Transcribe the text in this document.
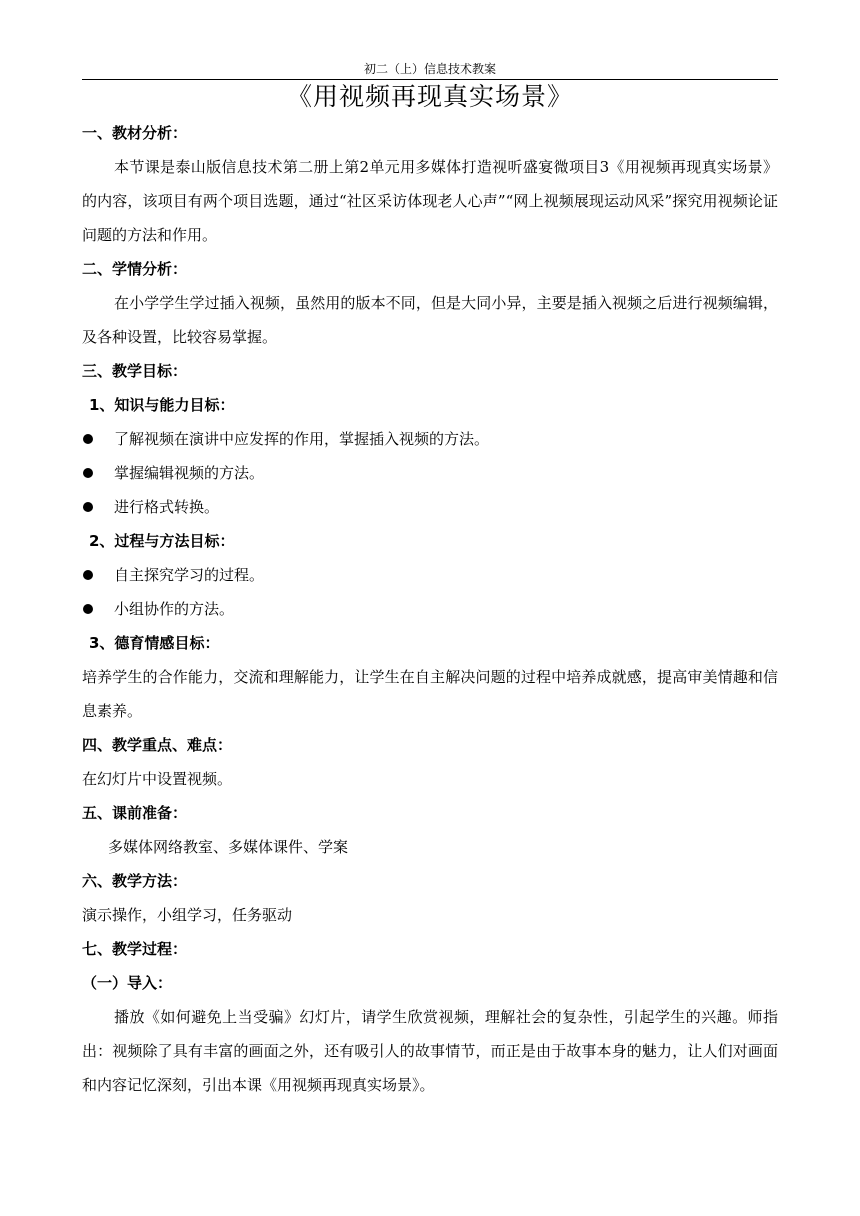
初二（上）信息技术教案
《用视频再现真实场景》
一、教材分析：

本节课是泰山版信息技术第二册上第2单元用多媒体打造视听盛宴微项目3《用视频再现真实场景》的内容，该项目有两个项目选题，通过“社区采访体现老人心声”“网上视频展现运动风采”探究用视频论证问题的方法和作用。

二、学情分析：

在小学学生学过插入视频，虽然用的版本不同，但是大同小异，主要是插入视频之后进行视频编辑，及各种设置，比较容易掌握。

三、教学目标：
1、知识与能力目标：
了解视频在演讲中应发挥的作用，掌握插入视频的方法。
掌握编辑视频的方法。
进行格式转换。
2、过程与方法目标：
自主探究学习的过程。
小组协作的方法。
3、德育情感目标：

培养学生的合作能力，交流和理解能力，让学生在自主解决问题的过程中培养成就感，提高审美情趣和信息素养。

四、教学重点、难点：
在幻灯片中设置视频。
五、课前准备：
多媒体网络教室、多媒体课件、学案
六、教学方法：
演示操作，小组学习，任务驱动
七、教学过程：
（一）导入：

播放《如何避免上当受骗》幻灯片，请学生欣赏视频，理解社会的复杂性，引起学生的兴趣。师指出：视频除了具有丰富的画面之外，还有吸引人的故事情节，而正是由于故事本身的魅力，让人们对画面和内容记忆深刻，引出本课《用视频再现真实场景》。
